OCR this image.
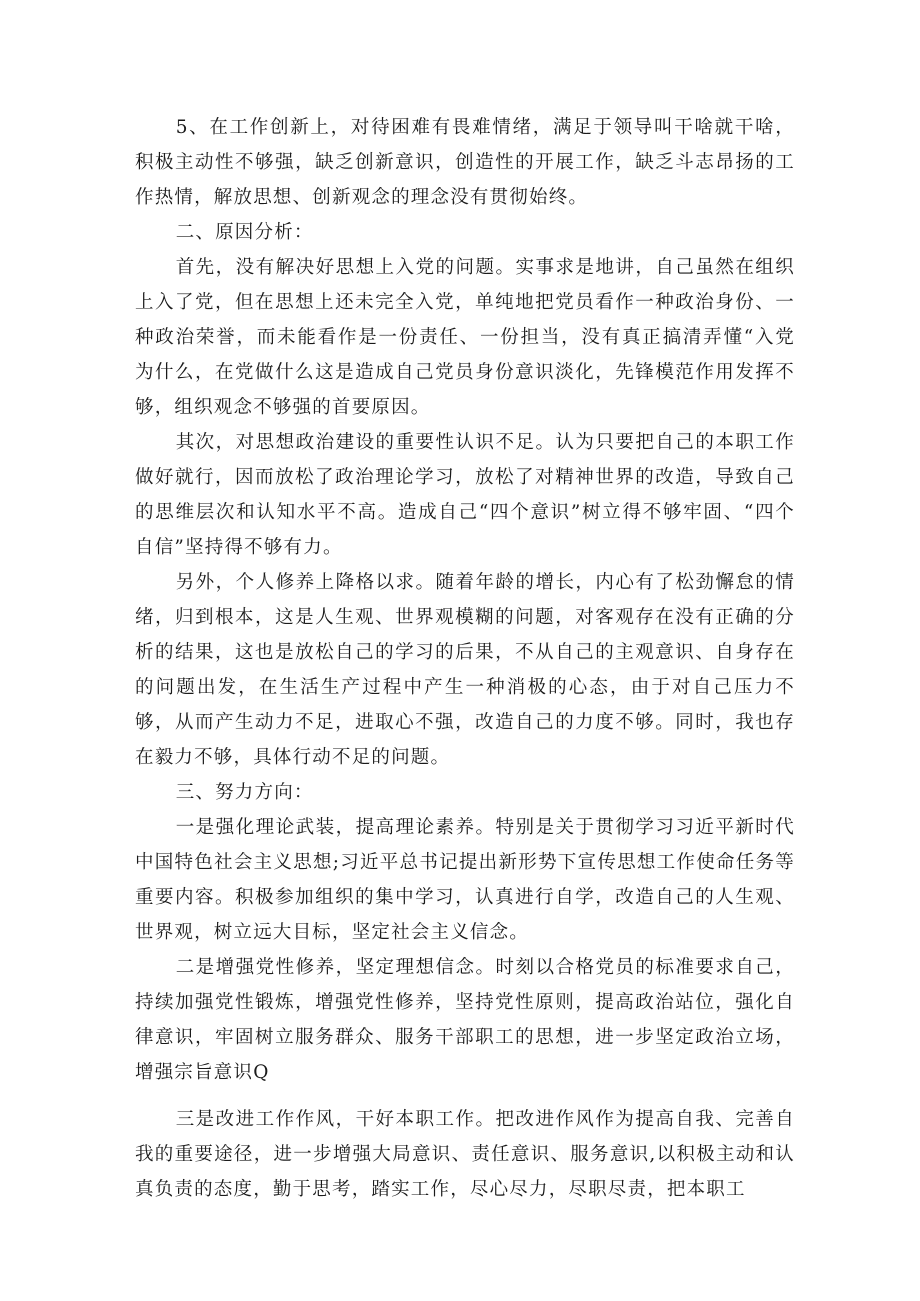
5、在工作创新上，对待困难有畏难情绪，满足于领导叫干啥就干啥，积极主动性不够强，缺乏创新意识，创造性的开展工作，缺乏斗志昂扬的工作热情，解放思想、创新观念的理念没有贯彻始终。

二、原因分析：

首先，没有解决好思想上入党的问题。实事求是地讲，自己虽然在组织上入了党，但在思想上还未完全入党，单纯地把党员看作一种政治身份、一种政治荣誉，而未能看作是一份责任、一份担当，没有真正搞清弄懂“入党为什么，在党做什么这是造成自己党员身份意识淡化，先锋模范作用发挥不够，组织观念不够强的首要原因。

其次，对思想政治建设的重要性认识不足。认为只要把自己的本职工作做好就行，因而放松了政治理论学习，放松了对精神世界的改造，导致自己的思维层次和认知水平不高。造成自己“四个意识”树立得不够牢固、“四个自信”坚持得不够有力。

另外，个人修养上降格以求。随着年龄的增长，内心有了松劲懈怠的情绪，归到根本，这是人生观、世界观模糊的问题，对客观存在没有正确的分析的结果，这也是放松自己的学习的后果，不从自己的主观意识、自身存在的问题出发，在生活生产过程中产生一种消极的心态，由于对自己压力不够，从而产生动力不足，进取心不强，改造自己的力度不够。同时，我也存在毅力不够，具体行动不足的问题。

三、努力方向：

一是强化理论武装，提高理论素养。特别是关于贯彻学习习近平新时代中国特色社会主义思想;习近平总书记提出新形势下宣传思想工作使命任务等重要内容。积极参加组织的集中学习，认真进行自学，改造自己的人生观、世界观，树立远大目标，坚定社会主义信念。

二是增强党性修养，坚定理想信念。时刻以合格党员的标准要求自己，持续加强党性锻炼，增强党性修养，坚持党性原则，提高政治站位，强化自律意识，牢固树立服务群众、服务干部职工的思想，进一步坚定政治立场，增强宗旨意识Q

三是改进工作作风，干好本职工作。把改进作风作为提高自我、完善自我的重要途径，进一步增强大局意识、责任意识、服务意识,以积极主动和认真负责的态度，勤于思考，踏实工作，尽心尽力，尽职尽责，把本职工
